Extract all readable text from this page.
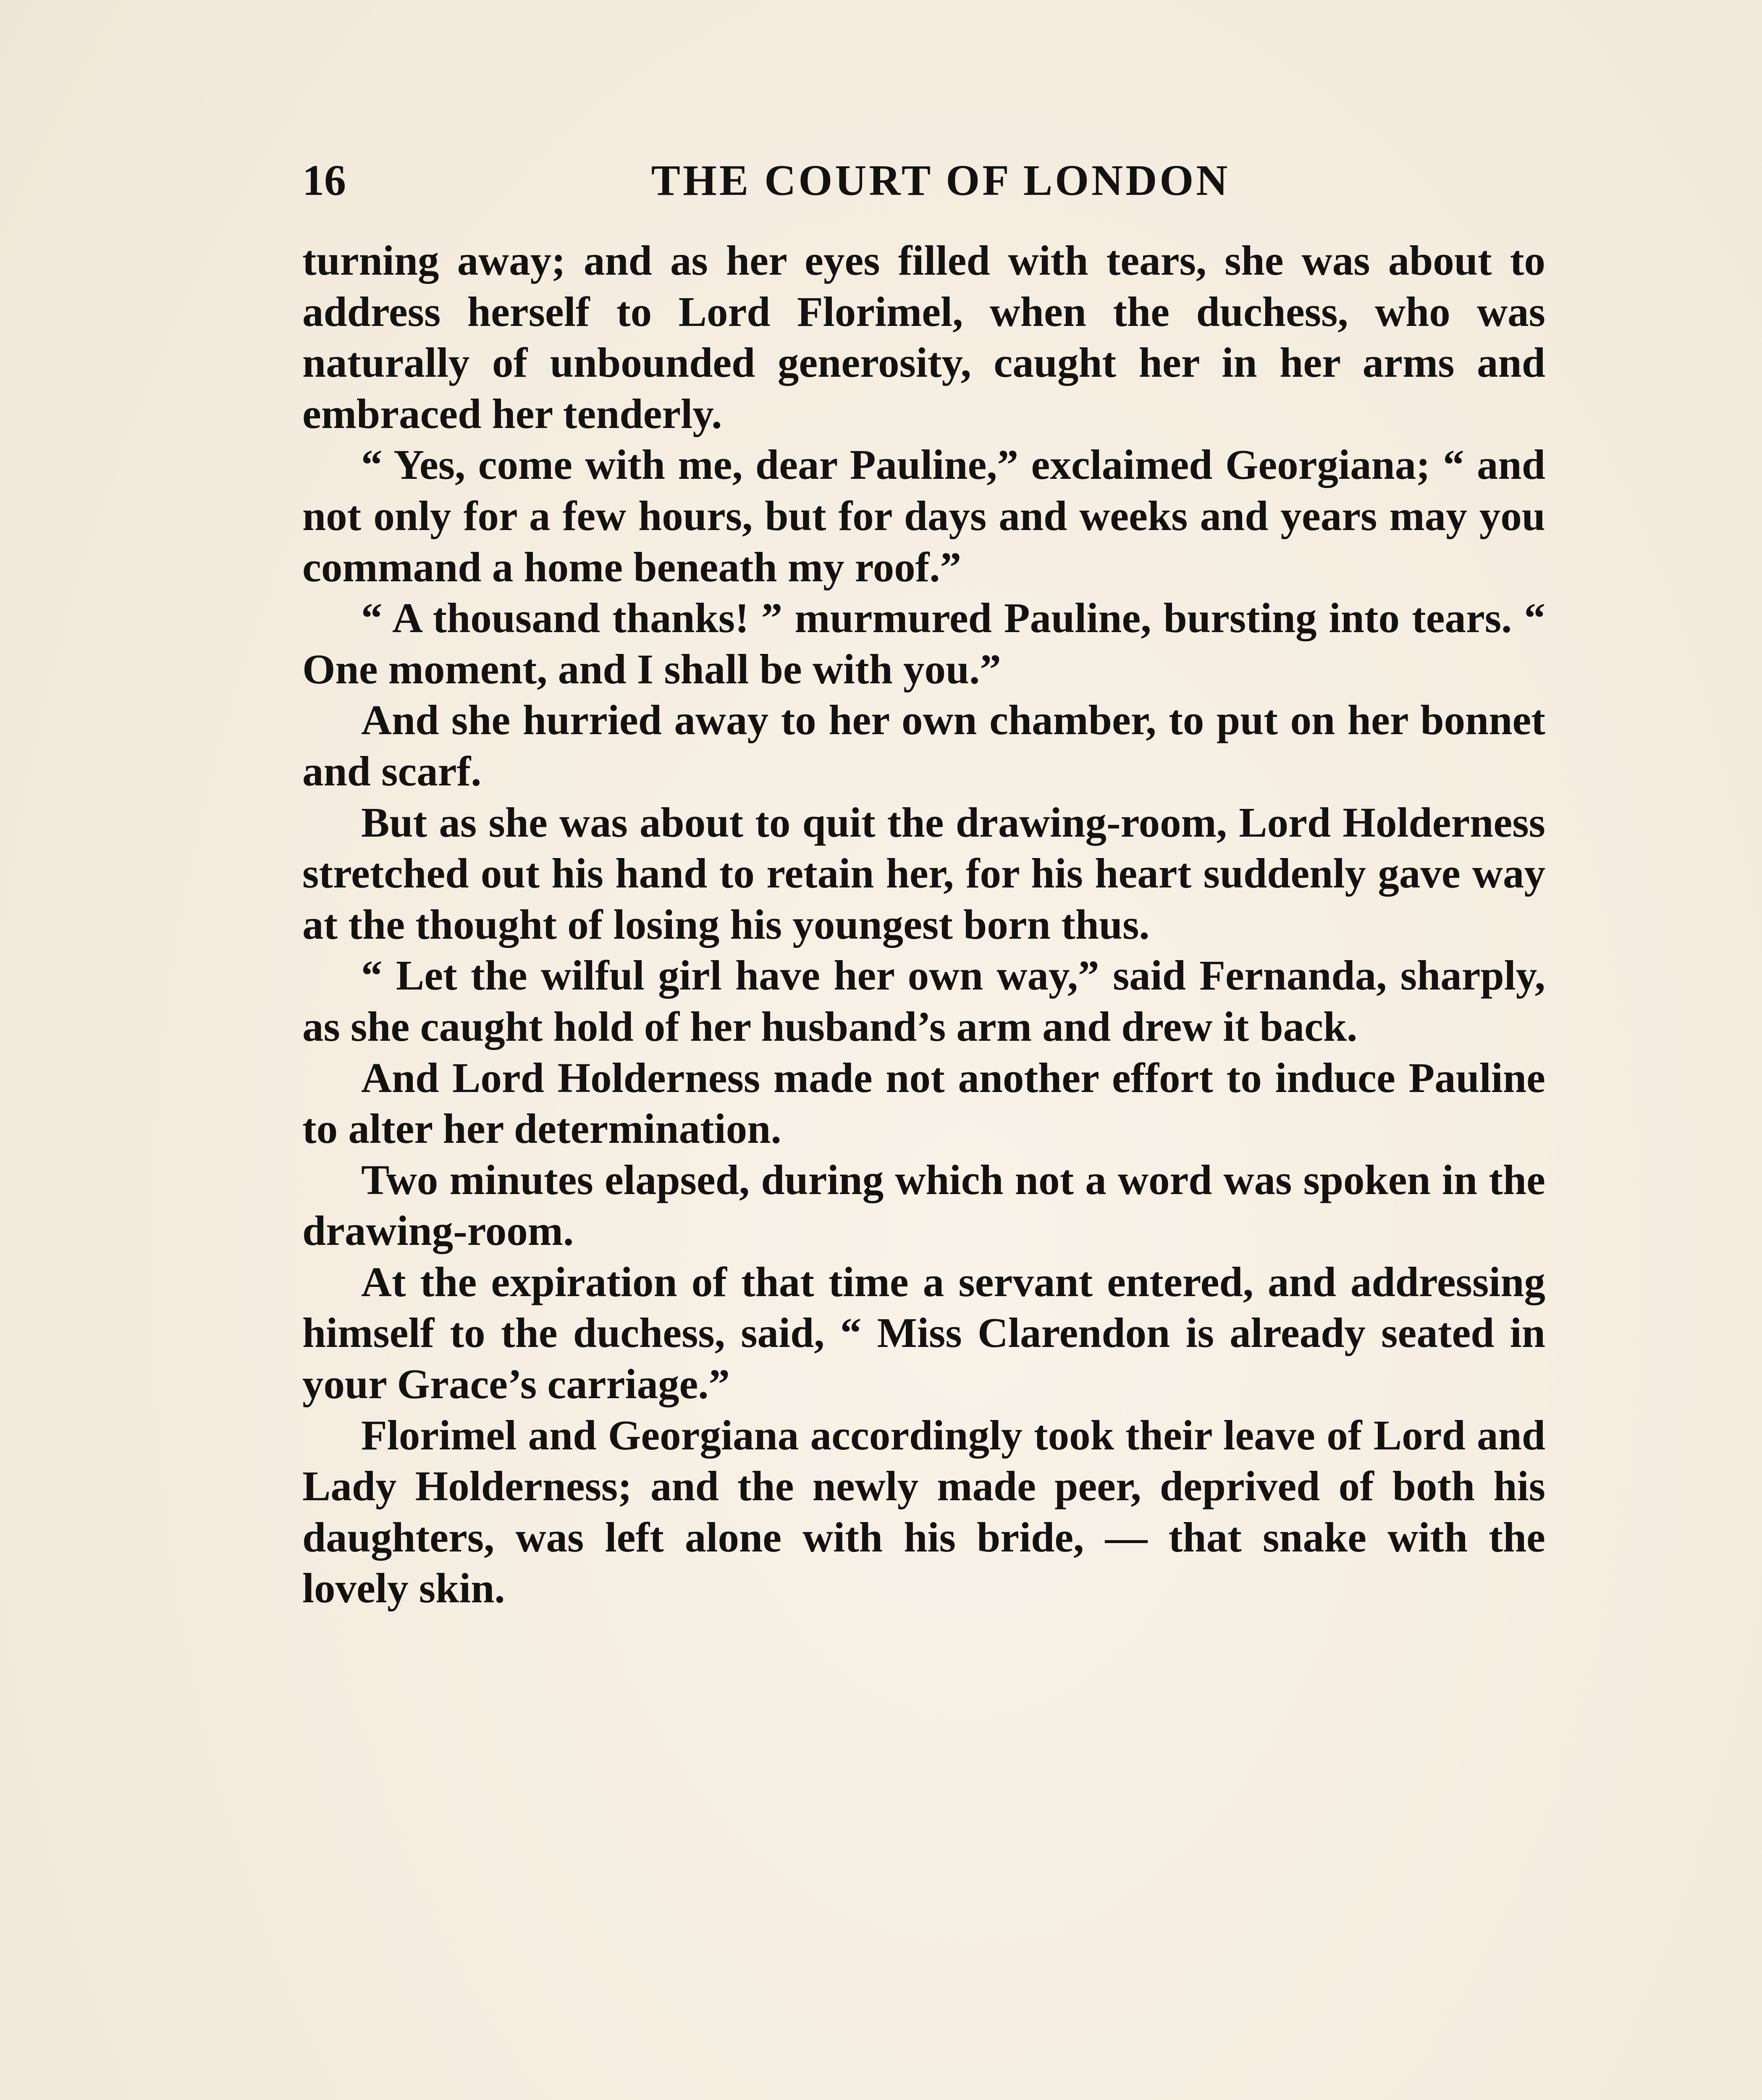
16	THE COURT OF LONDON

turning away; and as her eyes filled with tears, she was about to address herself to Lord Florimel, when the duchess, who was naturally of unbounded generosity, caught her in her arms and embraced her tenderly.

“ Yes, come with me, dear Pauline,” exclaimed Georgiana; “ and not only for a few hours, but for days and weeks and years may you command a home beneath my roof.”

“ A thousand thanks! ” murmured Pauline, bursting into tears. “ One moment, and I shall be with you.”

And she hurried away to her own chamber, to put on her bonnet and scarf.

But as she was about to quit the drawing-room, Lord Holderness stretched out his hand to retain her, for his heart suddenly gave way at the thought of losing his youngest born thus.

“ Let the wilful girl have her own way,” said Fernanda, sharply, as she caught hold of her husband’s arm and drew it back.

And Lord Holderness made not another effort to induce Pauline to alter her determination.

Two minutes elapsed, during which not a word was spoken in the drawing-room.

At the expiration of that time a servant entered, and addressing himself to the duchess, said, “ Miss Clarendon is already seated in your Grace’s carriage.”

Florimel and Georgiana accordingly took their leave of Lord and Lady Holderness; and the newly made peer, deprived of both his daughters, was left alone with his bride, — that snake with the lovely skin.
